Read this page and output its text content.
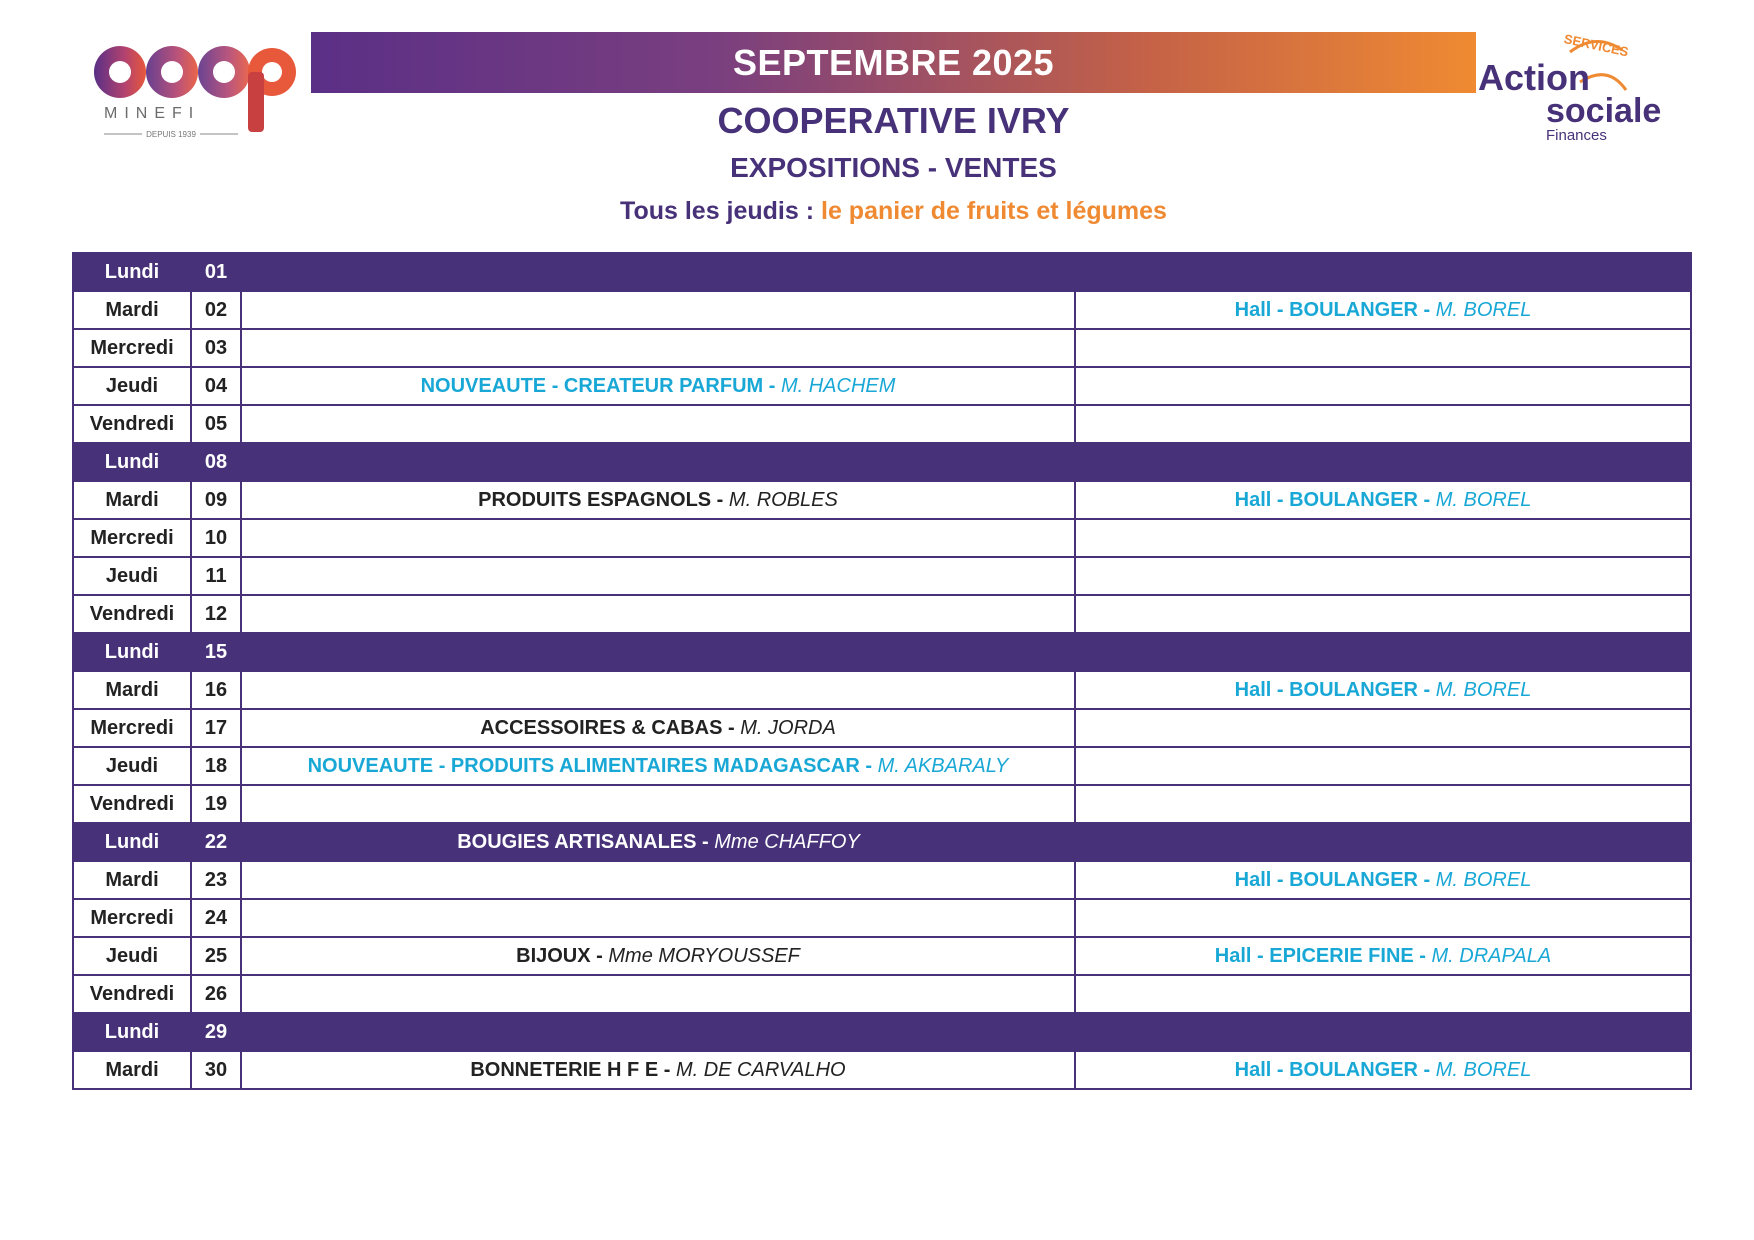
MINEFI
DEPUIS 1939
SEPTEMBRE 2025	SERVICES
Action
sociale
Finances
COOPERATIVE IVRY
EXPOSITIONS - VENTES
Tous les jeudis : le panier de fruits et légumes
Lundi	01		
Mardi	02		Hall - BOULANGER - M. BOREL
Mercredi	03		
Jeudi	04	NOUVEAUTE - CREATEUR PARFUM - M. HACHEM	
Vendredi	05		
Lundi	08		
Mardi	09	PRODUITS ESPAGNOLS - M. ROBLES	Hall - BOULANGER - M. BOREL
Mercredi	10		
Jeudi	11		
Vendredi	12		
Lundi	15		
Mardi	16		Hall - BOULANGER - M. BOREL
Mercredi	17	ACCESSOIRES & CABAS - M. JORDA	
Jeudi	18	NOUVEAUTE - PRODUITS ALIMENTAIRES MADAGASCAR - M. AKBARALY	
Vendredi	19		
Lundi	22	BOUGIES ARTISANALES - Mme CHAFFOY	
Mardi	23		Hall - BOULANGER - M. BOREL
Mercredi	24		
Jeudi	25	BIJOUX - Mme MORYOUSSEF	Hall - EPICERIE FINE - M. DRAPALA
Vendredi	26		
Lundi	29		
Mardi	30	BONNETERIE H F E - M. DE CARVALHO	Hall - BOULANGER - M. BOREL
